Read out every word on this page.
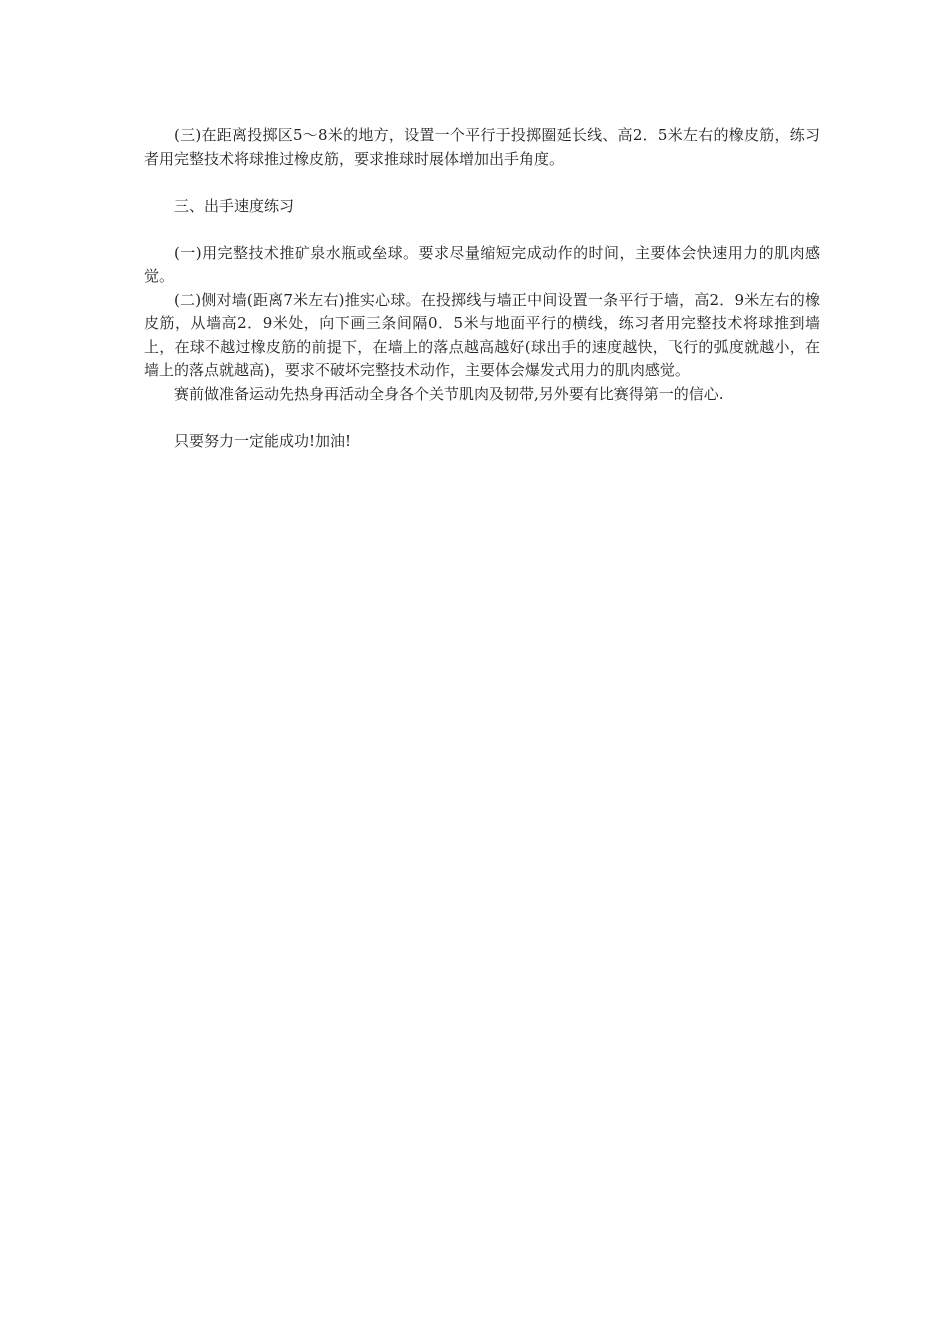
(三)在距离投掷区5～8米的地方，设置一个平行于投掷圈延长线、高2．5米左右的橡皮筋，练习者用完整技术将球推过橡皮筋，要求推球时展体增加出手角度。

三、出手速度练习

(一)用完整技术推矿泉水瓶或垒球。要求尽量缩短完成动作的时间，主要体会快速用力的肌肉感觉。

(二)侧对墙(距离7米左右)推实心球。在投掷线与墙正中间设置一条平行于墙，高2．9米左右的橡皮筋，从墙高2．9米处，向下画三条间隔0．5米与地面平行的横线，练习者用完整技术将球推到墙上，在球不越过橡皮筋的前提下，在墙上的落点越高越好(球出手的速度越快，飞行的弧度就越小，在墙上的落点就越高)，要求不破坏完整技术动作，主要体会爆发式用力的肌肉感觉。

赛前做准备运动先热身再活动全身各个关节肌肉及韧带,另外要有比赛得第一的信心.

只要努力一定能成功!加油!
